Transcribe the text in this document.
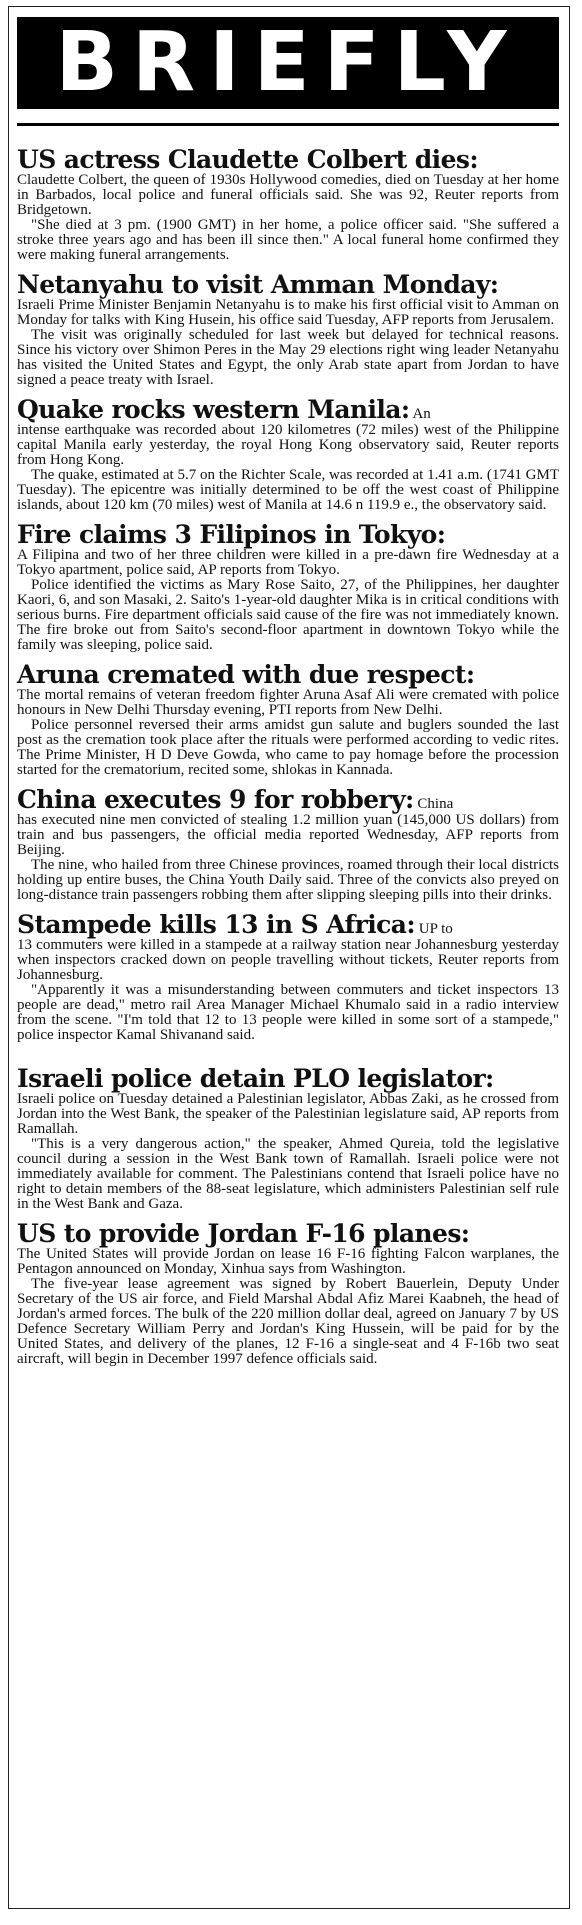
BRIEFLY
US actress Claudette Colbert dies:

Claudette Colbert, the queen of 1930s Hollywood comedies, died on Tuesday at her home in Barbados, local police and funeral officials said. She was 92, Reuter reports from Bridgetown.

"She died at 3 pm. (1900 GMT) in her home, a police officer said. "She suffered a stroke three years ago and has been ill since then." A local funeral home confirmed they were making funeral arrangements.

Netanyahu to visit Amman Monday:

Israeli Prime Minister Benjamin Netanyahu is to make his first official visit to Amman on Monday for talks with King Husein, his office said Tuesday, AFP reports from Jerusalem.

The visit was originally scheduled for last week but delayed for technical reasons. Since his victory over Shimon Peres in the May 29 elections right wing leader Netanyahu has visited the United States and Egypt, the only Arab state apart from Jordan to have signed a peace treaty with Israel.

Quake rocks western Manila: An

intense earthquake was recorded about 120 kilometres (72 miles) west of the Philippine capital Manila early yesterday, the royal Hong Kong observatory said, Reuter reports from Hong Kong.

The quake, estimated at 5.7 on the Richter Scale, was recorded at 1.41 a.m. (1741 GMT Tuesday). The epicentre was initially determined to be off the west coast of Philippine islands, about 120 km (70 miles) west of Manila at 14.6 n 119.9 e., the observatory said.

Fire claims 3 Filipinos in Tokyo:

A Filipina and two of her three children were killed in a pre-dawn fire Wednesday at a Tokyo apartment, police said, AP reports from Tokyo.

Police identified the victims as Mary Rose Saito, 27, of the Philippines, her daughter Kaori, 6, and son Masaki, 2. Saito's 1-year-old daughter Mika is in critical conditions with serious burns. Fire department officials said cause of the fire was not immediately known. The fire broke out from Saito's second-floor apartment in downtown Tokyo while the family was sleeping, police said.

Aruna cremated with due respect:

The mortal remains of veteran freedom fighter Aruna Asaf Ali were cremated with police honours in New Delhi Thursday evening, PTI reports from New Delhi.

Police personnel reversed their arms amidst gun salute and buglers sounded the last post as the cremation took place after the rituals were performed according to vedic rites. The Prime Minister, H D Deve Gowda, who came to pay homage before the procession started for the crematorium, recited some, shlokas in Kannada.

China executes 9 for robbery: China

has executed nine men convicted of stealing 1.2 million yuan (145,000 US dollars) from train and bus passengers, the official media reported Wednesday, AFP reports from Beijing.

The nine, who hailed from three Chinese provinces, roamed through their local districts holding up entire buses, the China Youth Daily said. Three of the convicts also preyed on long-distance train passengers robbing them after slipping sleeping pills into their drinks.

Stampede kills 13 in S Africa: UP to

13 commuters were killed in a stampede at a railway station near Johannesburg yesterday when inspectors cracked down on people travelling without tickets, Reuter reports from Johannesburg.

"Apparently it was a misunderstanding between commuters and ticket inspectors 13 people are dead," metro rail Area Manager Michael Khumalo said in a radio interview from the scene. "I'm told that 12 to 13 people were killed in some sort of a stampede," police inspector Kamal Shivanand said.

Israeli police detain PLO legislator:

Israeli police on Tuesday detained a Palestinian legislator, Abbas Zaki, as he crossed from Jordan into the West Bank, the speaker of the Palestinian legislature said, AP reports from Ramallah.

"This is a very dangerous action," the speaker, Ahmed Qureia, told the legislative council during a session in the West Bank town of Ramallah. Israeli police were not immediately available for comment. The Palestinians contend that Israeli police have no right to detain members of the 88-seat legislature, which administers Palestinian self rule in the West Bank and Gaza.

US to provide Jordan F-16 planes:

The United States will provide Jordan on lease 16 F-16 fighting Falcon warplanes, the Pentagon announced on Monday, Xinhua says from Washington.

The five-year lease agreement was signed by Robert Bauerlein, Deputy Under Secretary of the US air force, and Field Marshal Abdal Afiz Marei Kaabneh, the head of Jordan's armed forces. The bulk of the 220 million dollar deal, agreed on January 7 by US Defence Secretary William Perry and Jordan's King Hussein, will be paid for by the United States, and delivery of the planes, 12 F-16 a single-seat and 4 F-16b two seat aircraft, will begin in December 1997 defence officials said.
